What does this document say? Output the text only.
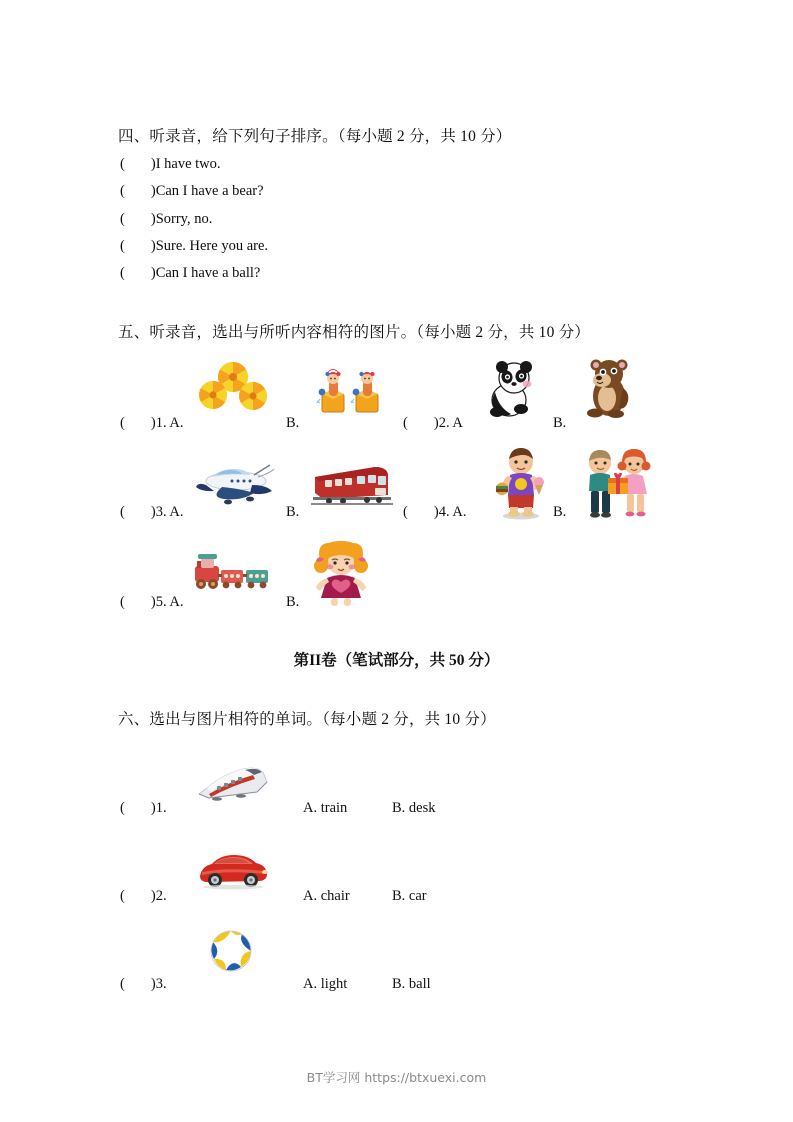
四、听录音，给下列句子排序。（每小题 2 分，共 10 分）
( )I have two.
( )Can I have a bear?
( )Sorry, no.
( )Sure. Here you are.
( )Can I have a ball?
五、听录音，选出与所听内容相符的图片。（每小题 2 分，共 10 分）
( )1. A.	B.	( )2. A	B.
( )3. A.	B.	( )4. A.	B.
( )5. A.	B.
第II卷（笔试部分，共 50 分）
六、选出与图片相符的单词。（每小题 2 分，共 10 分）
( )1.	A. train	B. desk
( )2.	A. chair	B. car
( )3.	A. light	B. ball
BT学习网 https://btxuexi.com
